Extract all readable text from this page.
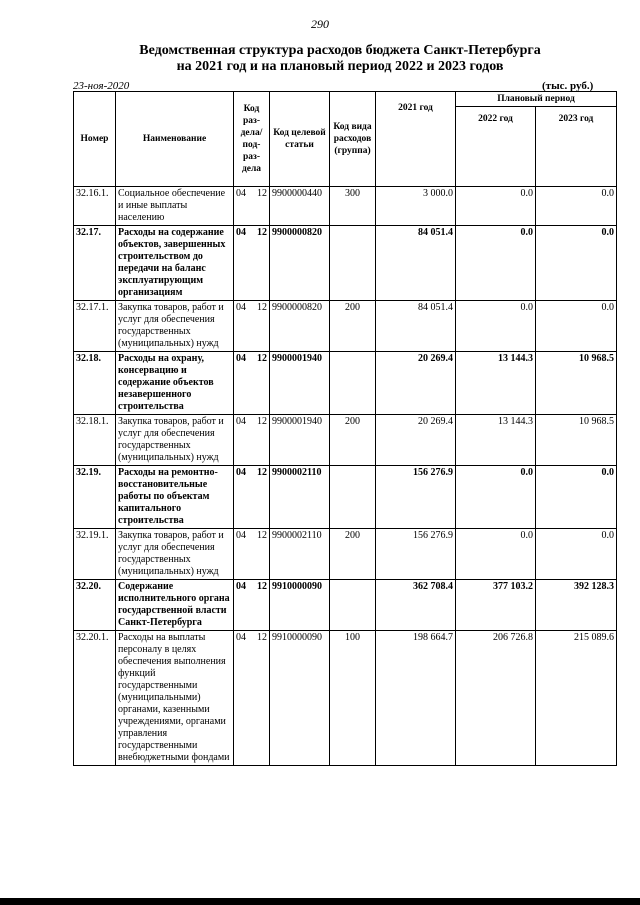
290
Ведомственная структура расходов бюджета Санкт-Петербурга
на 2021 год и на плановый период 2022 и 2023 годов
23-ноя-2020	(тыс. руб.)
Номер	Наименование	Код раз-дела/ под-раз-дела	Код целевой статьи	Код вида расходов (группа)	2021 год	Плановый период	
						2022 год	2023 год
32.16.1.	Социальное обеспечение и иные выплаты населению	04 12	9900000440	300	3 000.0	0.0	0.0
32.17.	Расходы на содержание объектов, завершенных строительством до передачи на баланс эксплуатирующим организациям	04 12	9900000820		84 051.4	0.0	0.0
32.17.1.	Закупка товаров, работ и услуг для обеспечения государственных (муниципальных) нужд	04 12	9900000820	200	84 051.4	0.0	0.0
32.18.	Расходы на охрану, консервацию и содержание объектов незавершенного строительства	04 12	9900001940		20 269.4	13 144.3	10 968.5
32.18.1.	Закупка товаров, работ и услуг для обеспечения государственных (муниципальных) нужд	04 12	9900001940	200	20 269.4	13 144.3	10 968.5
32.19.	Расходы на ремонтно-восстановительные работы по объектам капитального строительства	04 12	9900002110		156 276.9	0.0	0.0
32.19.1.	Закупка товаров, работ и услуг для обеспечения государственных (муниципальных) нужд	04 12	9900002110	200	156 276.9	0.0	0.0
32.20.	Содержание исполнительного органа государственной власти Санкт-Петербурга	04 12	9910000090		362 708.4	377 103.2	392 128.3
32.20.1.	Расходы на выплаты персоналу в целях обеспечения выполнения функций государственными (муниципальными) органами, казенными учреждениями, органами управления государственными внебюджетными фондами	04 12	9910000090	100	198 664.7	206 726.8	215 089.6
